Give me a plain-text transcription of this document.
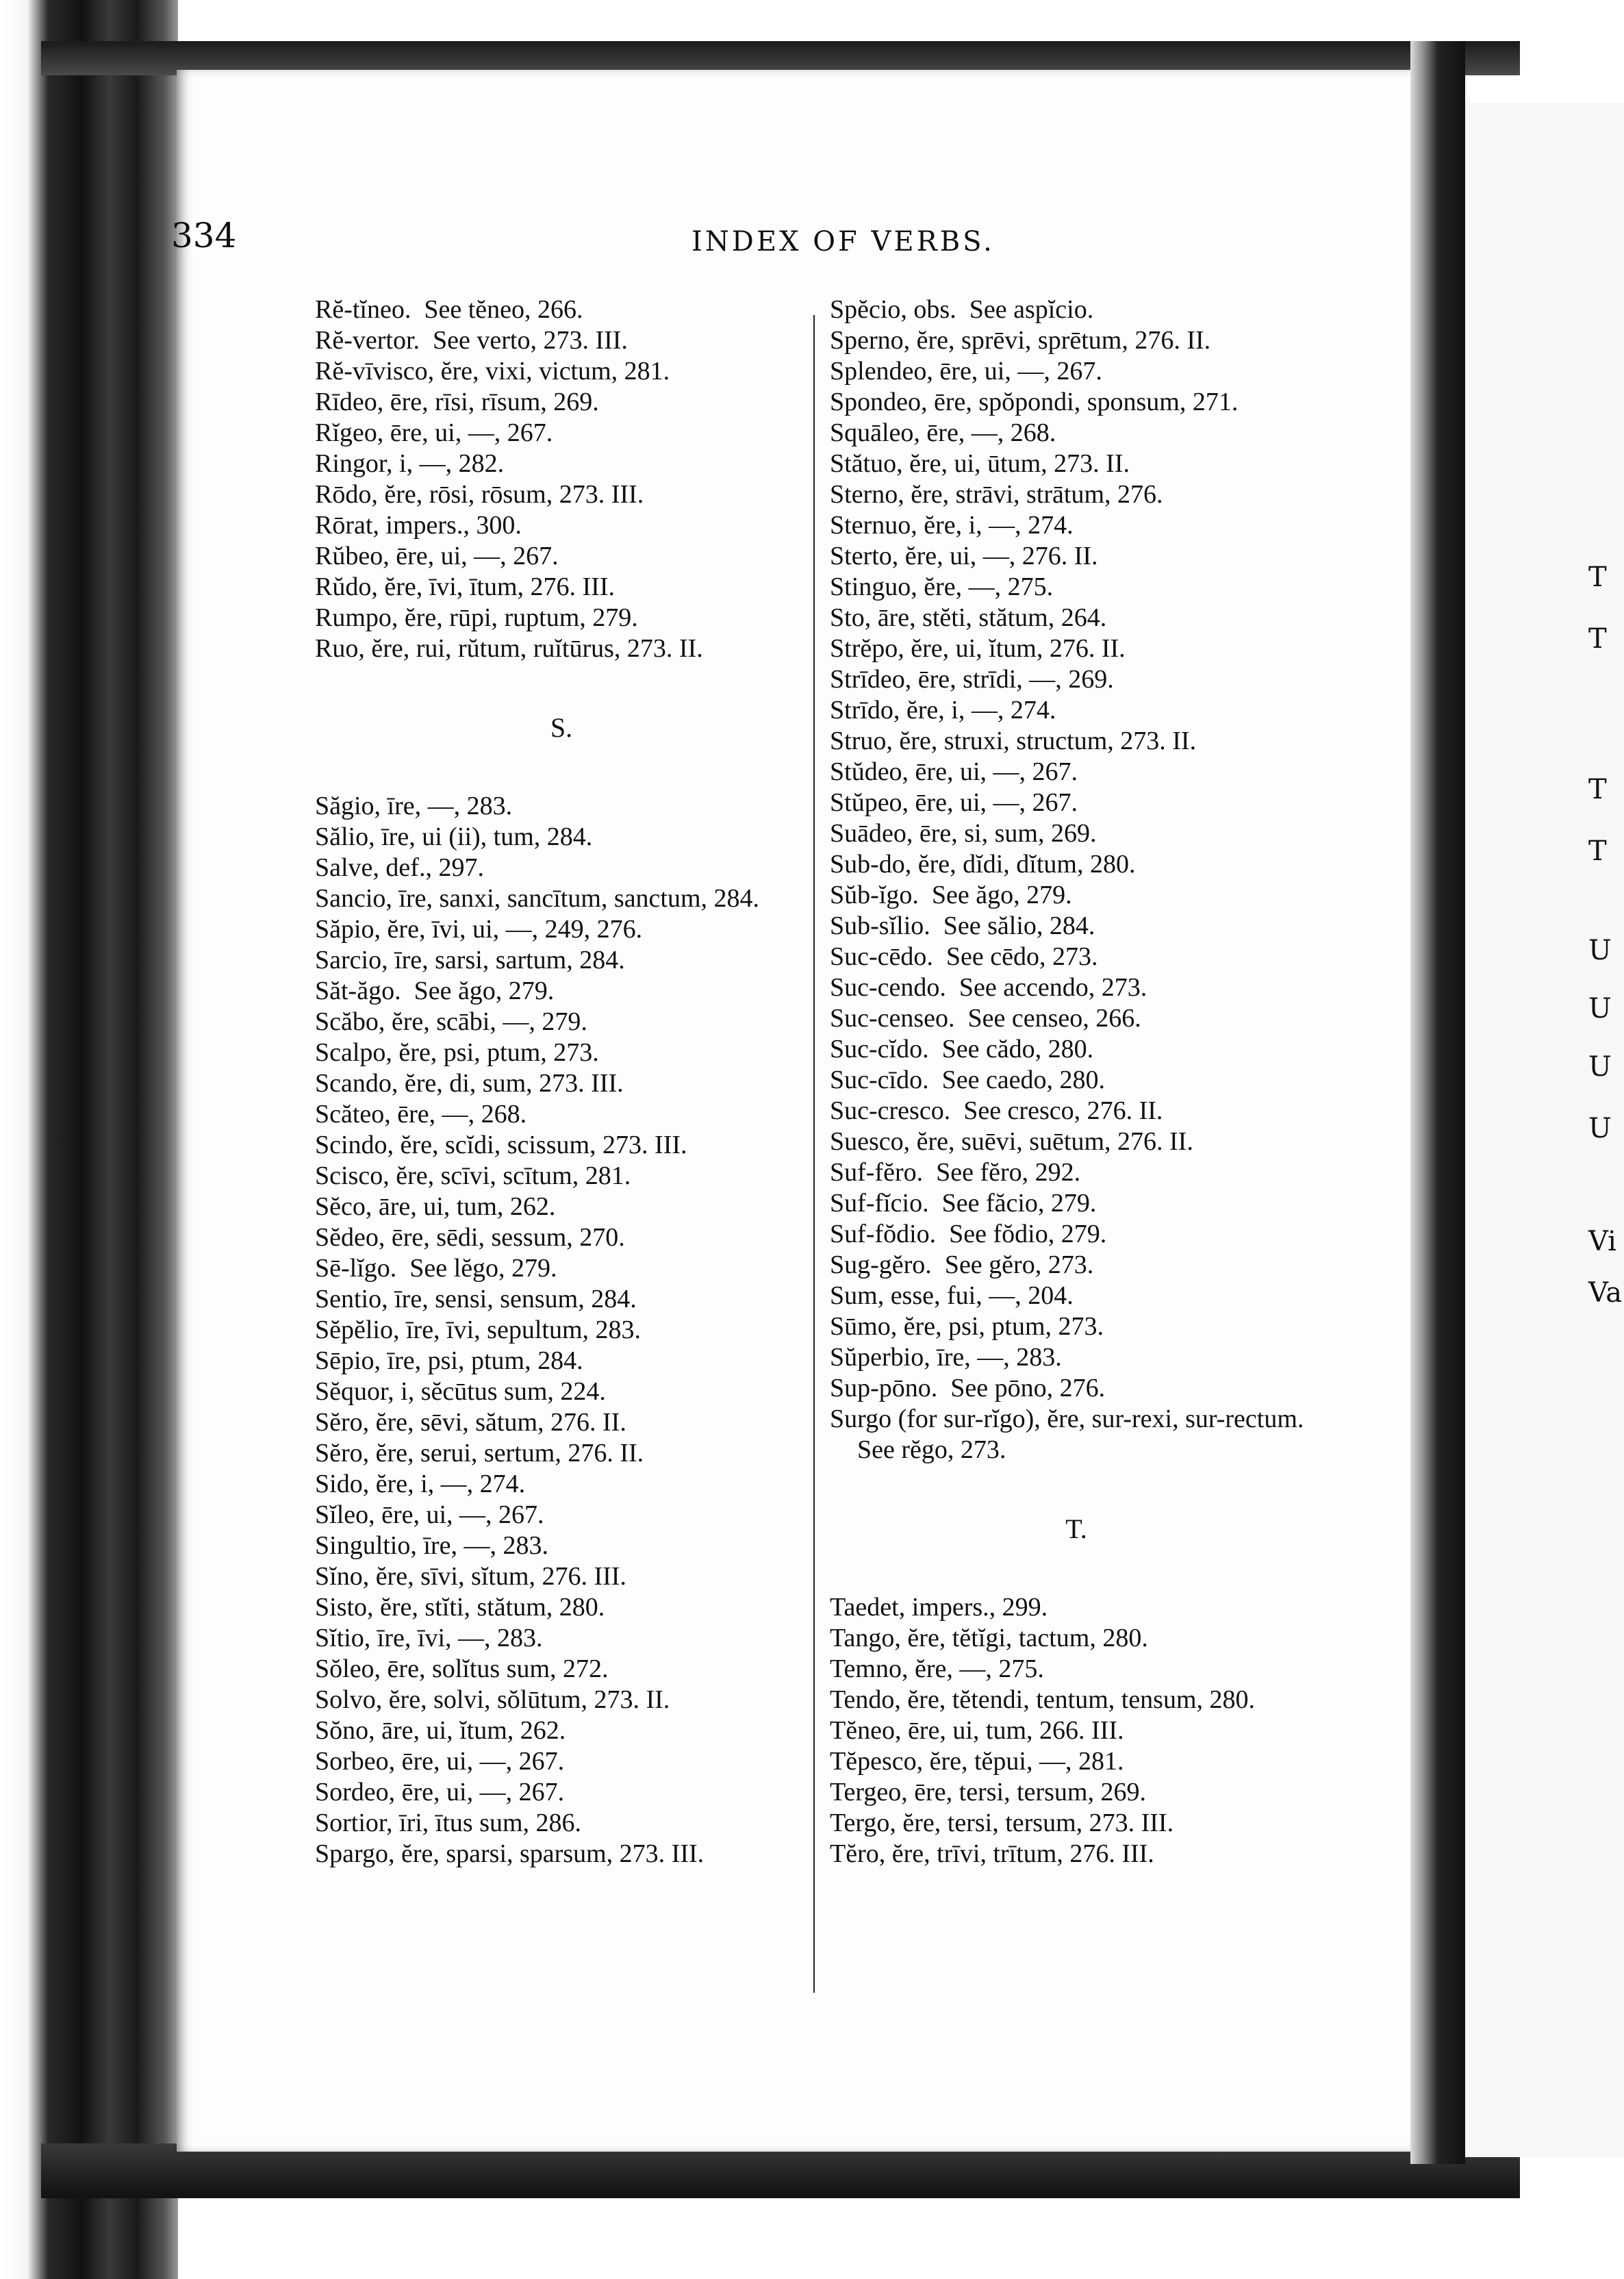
334	INDEX OF VERBS.
Rĕ-tĭneo.  See tĕneo, 266.
Rĕ-vertor.  See verto, 273. III.
Rĕ-vīvisco, ĕre, vixi, victum, 281.
Rīdeo, ēre, rīsi, rīsum, 269.
Rĭgeo, ēre, ui, —, 267.
Ringor, i, —, 282.
Rōdo, ĕre, rōsi, rōsum, 273. III.
Rōrat, impers., 300.
Rŭbeo, ēre, ui, —, 267.
Rŭdo, ĕre, īvi, ītum, 276. III.
Rumpo, ĕre, rūpi, ruptum, 279.
Ruo, ĕre, rui, rŭtum, ruĭtūrus, 273. II.
S.
Săgio, īre, —, 283.
Sălio, īre, ui (ii), tum, 284.
Salve, def., 297.
Sancio, īre, sanxi, sancītum, sanctum, 284.
Săpio, ĕre, īvi, ui, —, 249, 276.
Sarcio, īre, sarsi, sartum, 284.
Săt-ăgo.  See ăgo, 279.
Scăbo, ĕre, scābi, —, 279.
Scalpo, ĕre, psi, ptum, 273.
Scando, ĕre, di, sum, 273. III.
Scăteo, ēre, —, 268.
Scindo, ĕre, scĭdi, scissum, 273. III.
Scisco, ĕre, scīvi, scītum, 281.
Sĕco, āre, ui, tum, 262.
Sĕdeo, ēre, sēdi, sessum, 270.
Sē-lĭgo.  See lĕgo, 279.
Sentio, īre, sensi, sensum, 284.
Sĕpĕlio, īre, īvi, sepultum, 283.
Sēpio, īre, psi, ptum, 284.
Sĕquor, i, sĕcūtus sum, 224.
Sĕro, ĕre, sēvi, sătum, 276. II.
Sĕro, ĕre, serui, sertum, 276. II.
Sido, ĕre, i, —, 274.
Sĭleo, ēre, ui, —, 267.
Singultio, īre, —, 283.
Sĭno, ĕre, sīvi, sĭtum, 276. III.
Sisto, ĕre, stĭti, stătum, 280.
Sĭtio, īre, īvi, —, 283.
Sŏleo, ēre, solĭtus sum, 272.
Solvo, ĕre, solvi, sŏlūtum, 273. II.
Sŏno, āre, ui, ĭtum, 262.
Sorbeo, ēre, ui, —, 267.
Sordeo, ēre, ui, —, 267.
Sortior, īri, ītus sum, 286.
Spargo, ĕre, sparsi, sparsum, 273. III.
Spĕcio, obs.  See aspĭcio.
Sperno, ĕre, sprēvi, sprētum, 276. II.
Splendeo, ēre, ui, —, 267.
Spondeo, ēre, spŏpondi, sponsum, 271.
Squāleo, ēre, —, 268.
Stătuo, ĕre, ui, ūtum, 273. II.
Sterno, ĕre, strāvi, strātum, 276.
Sternuo, ĕre, i, —, 274.
Sterto, ĕre, ui, —, 276. II.
Stinguo, ĕre, —, 275.
Sto, āre, stĕti, stătum, 264.
Strĕpo, ĕre, ui, ĭtum, 276. II.
Strīdeo, ēre, strīdi, —, 269.
Strīdo, ĕre, i, —, 274.
Struo, ĕre, struxi, structum, 273. II.
Stŭdeo, ēre, ui, —, 267.
Stŭpeo, ēre, ui, —, 267.
Suādeo, ēre, si, sum, 269.
Sub-do, ĕre, dĭdi, dĭtum, 280.
Sŭb-ĭgo.  See ăgo, 279.
Sub-sĭlio.  See sălio, 284.
Suc-cēdo.  See cēdo, 273.
Suc-cendo.  See accendo, 273.
Suc-censeo.  See censeo, 266.
Suc-cĭdo.  See cădo, 280.
Suc-cīdo.  See caedo, 280.
Suc-cresco.  See cresco, 276. II.
Suesco, ĕre, suēvi, suētum, 276. II.
Suf-fĕro.  See fĕro, 292.
Suf-fĭcio.  See făcio, 279.
Suf-fŏdio.  See fŏdio, 279.
Sug-gĕro.  See gĕro, 273.
Sum, esse, fui, —, 204.
Sūmo, ĕre, psi, ptum, 273.
Sŭperbio, īre, —, 283.
Sup-pōno.  See pōno, 276.
Surgo (for sur-rĭgo), ĕre, sur-rexi, sur-rectum.  See rĕgo, 273.
T.
Taedet, impers., 299.
Tango, ĕre, tĕtĭgi, tactum, 280.
Temno, ĕre, —, 275.
Tendo, ĕre, tĕtendi, tentum, tensum, 280.
Tĕneo, ēre, ui, tum, 266. III.
Tĕpesco, ĕre, tĕpui, —, 281.
Tergeo, ēre, tersi, tersum, 269.
Tergo, ĕre, tersi, tersum, 273. III.
Tĕro, ĕre, trīvi, trītum, 276. III.
T
T
T
T
U
U
U
U
Vi
Va
